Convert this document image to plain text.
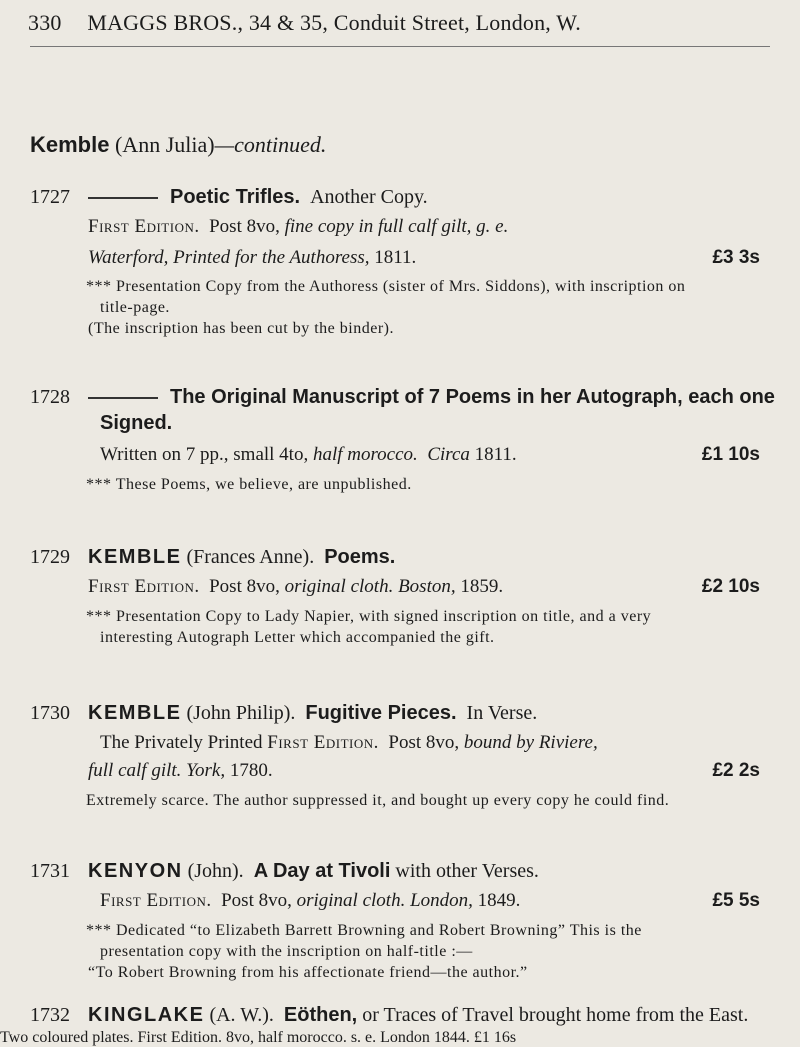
330 MAGGS BROS., 34 & 35, Conduit Street, London, W.
Kemble (Ann Julia)—continued.
1727	Poetic Trifles. Another Copy.
First Edition. Post 8vo, fine copy in full calf gilt, g. e.
Waterford, Printed for the Authoress, 1811.	£3 3s
*** Presentation Copy from the Authoress (sister of Mrs. Siddons), with inscription on
title-page.
(The inscription has been cut by the binder).
1728	The Original Manuscript of 7 Poems in her Autograph, each one
Signed.
Written on 7 pp., small 4to, half morocco. Circa 1811.	£1 10s
*** These Poems, we believe, are unpublished.
1729 KEMBLE (Frances Anne). Poems.
First Edition. Post 8vo, original cloth. Boston, 1859.	£2 10s
*** Presentation Copy to Lady Napier, with signed inscription on title, and a very
interesting Autograph Letter which accompanied the gift.
1730 KEMBLE (John Philip). Fugitive Pieces. In Verse.
The Privately Printed First Edition. Post 8vo, bound by Riviere,
full calf gilt. York, 1780.	£2 2s
Extremely scarce. The author suppressed it, and bought up every copy he could find.
1731 KENYON (John). A Day at Tivoli with other Verses.
First Edition. Post 8vo, original cloth. London, 1849.	£5 5s
*** Dedicated “to Elizabeth Barrett Browning and Robert Browning” This is the
presentation copy with the inscription on half-title :—
“To Robert Browning from his affectionate friend—the author.”
1732 KINGLAKE (A. W.). Eöthen, or Traces of Travel brought home from the East.
Two coloured plates. First Edition. 8vo, half morocco. s. e. London 1844. £1 16s
